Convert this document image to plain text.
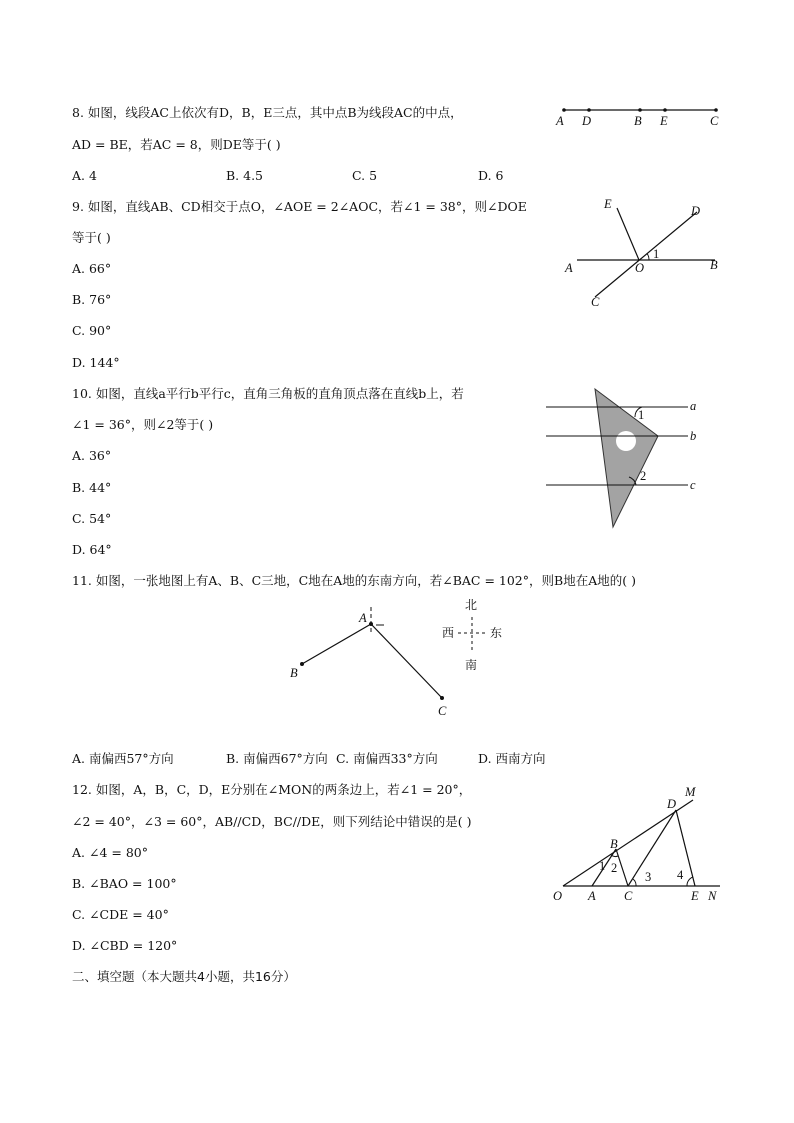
8. 如图，线段AC上依次有D，B，E三点，其中点B为线段AC的中点，
AD = BE，若AC = 8，则DE等于( )
A. 4	B. 4.5	C. 5	D. 6
A D	B E	C
9. 如图，直线AB、CD相交于点O，∠AOE = 2∠AOC，若∠1 = 38°，则∠DOE
等于( )
A. 66°
B. 76°
C. 90°
D. 144°
E	D
A	O	B
C
1
10. 如图，直线a平行b平行c，直角三角板的直角顶点落在直线b上，若
∠1 = 36°，则∠2等于( )
A. 36°
B. 44°
C. 54°
D. 64°
a
b
c
1
2
11. 如图，一张地图上有A、B、C三地，C地在A地的东南方向，若∠BAC = 102°，则B地在A地的( )
A
B
C
北
西	东
南
A. 南偏西57°方向	B. 南偏西67°方向 C. 南偏西33°方向	D. 西南方向
12. 如图，A，B，C，D，E分别在∠MON的两条边上，若∠1 = 20°，
∠2 = 40°，∠3 = 60°，AB//CD，BC//DE，则下列结论中错误的是( )
A. ∠4 = 80°
B. ∠BAO = 100°
C. ∠CDE = 40°
D. ∠CBD = 120°
M
D
B
O A C	E N
1 2
3 4
二、填空题（本大题共4小题，共16分）
